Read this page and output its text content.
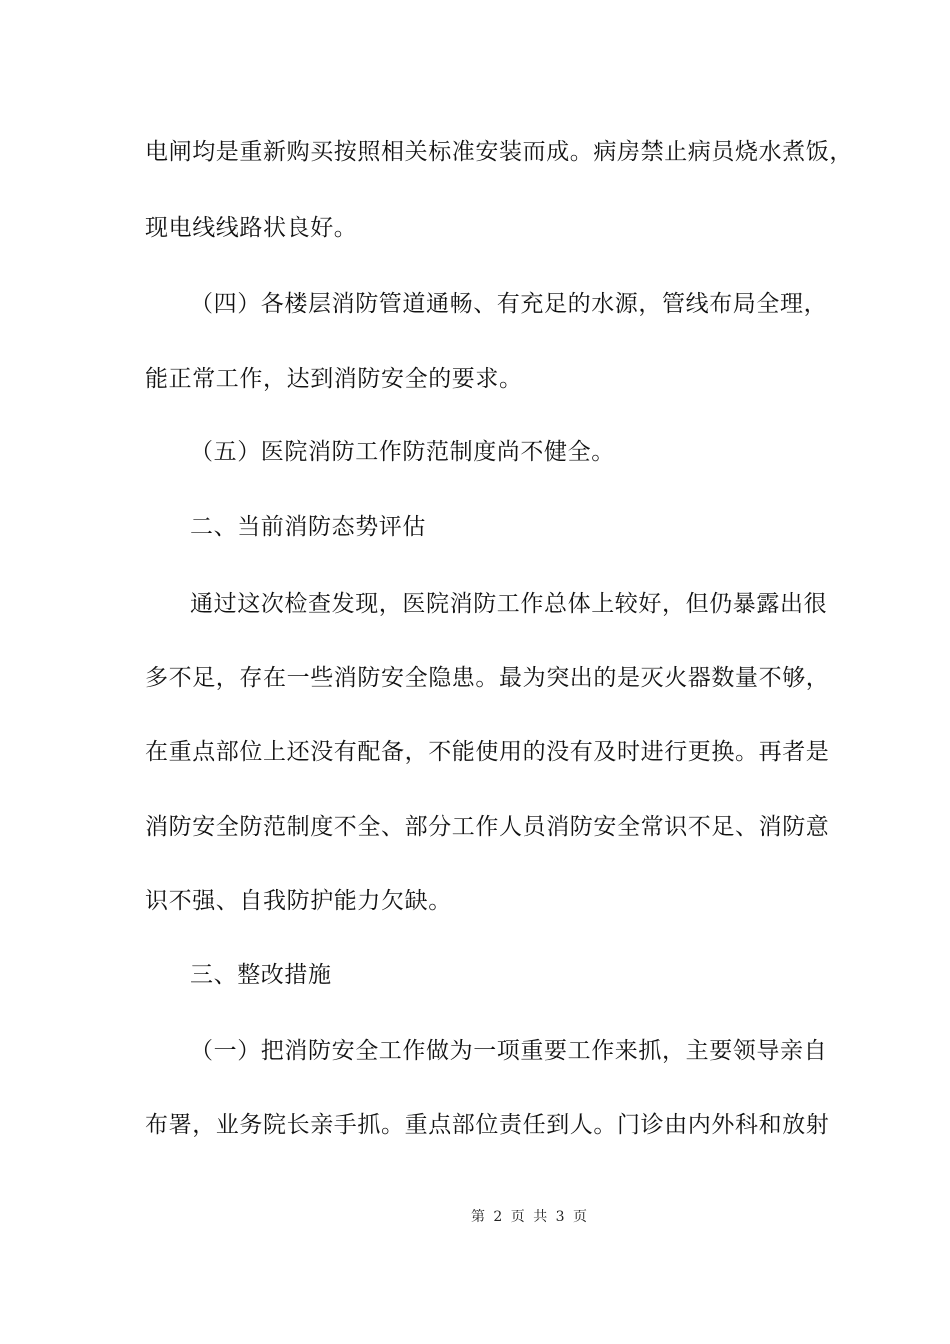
电闸均是重新购买按照相关标准安装而成。病房禁止病员烧水煮饭，
现电线线路状良好。
（四）各楼层消防管道通畅、有充足的水源，管线布局全理，
能正常工作，达到消防安全的要求。
（五）医院消防工作防范制度尚不健全。
二、当前消防态势评估
通过这次检查发现，医院消防工作总体上较好，但仍暴露出很
多不足，存在一些消防安全隐患。最为突出的是灭火器数量不够，
在重点部位上还没有配备，不能使用的没有及时进行更换。再者是
消防安全防范制度不全、部分工作人员消防安全常识不足、消防意
识不强、自我防护能力欠缺。
三、整改措施
（一）把消防安全工作做为一项重要工作来抓，主要领导亲自
布署，业务院长亲手抓。重点部位责任到人。门诊由内外科和放射
第 2 页 共 3 页
